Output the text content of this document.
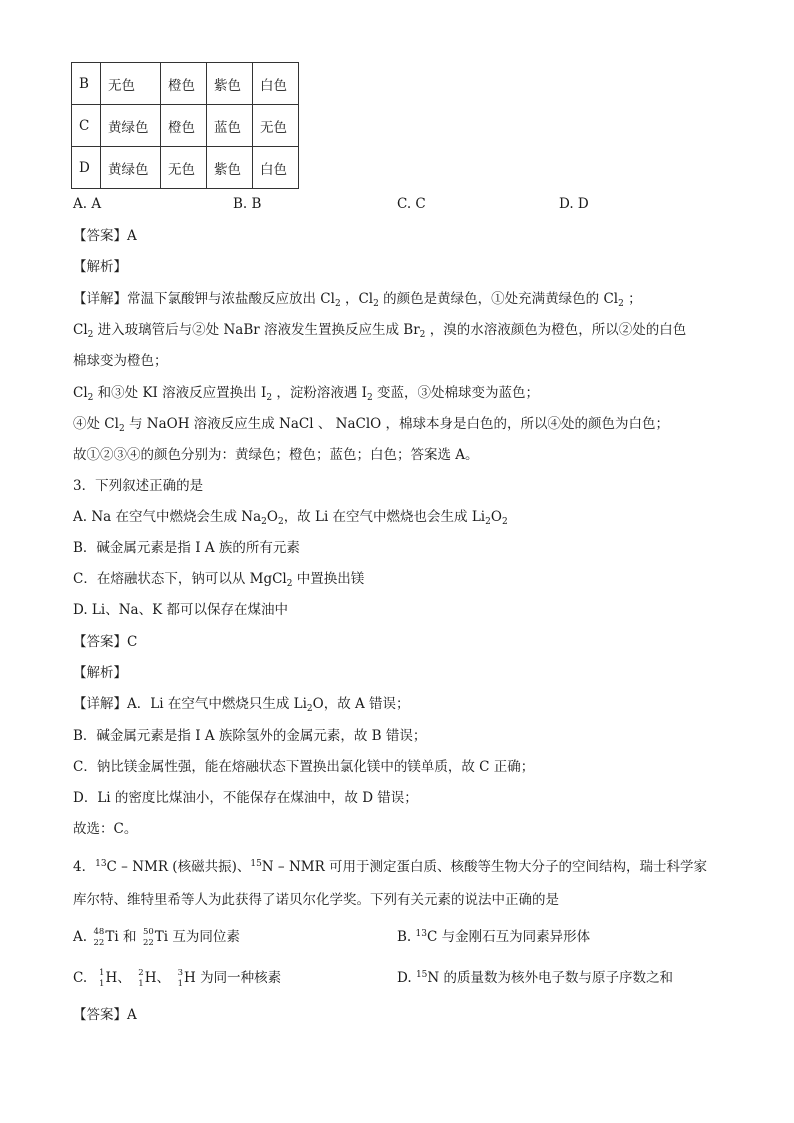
B	无色	橙色	紫色	白色
C	黄绿色	橙色	蓝色	无色
D	黄绿色	无色	紫色	白色
A. A	B. B	C. C	D. D
【答案】A
【解析】
【详解】常温下氯酸钾与浓盐酸反应放出 $Cl_2$ ，$Cl_2$ 的颜色是黄绿色，①处充满黄绿色的 $Cl_2$ ；
$Cl_2$ 进入玻璃管后与②处 NaBr 溶液发生置换反应生成 $Br_2$ ，溴的水溶液颜色为橙色，所以②处的白色
棉球变为橙色；
$Cl_2$ 和③处 KI 溶液反应置换出 $I_2$ ，淀粉溶液遇 $I_2$ 变蓝，③处棉球变为蓝色；
④处 $Cl_2$ 与 NaOH 溶液反应生成 NaCl 、 NaClO ，棉球本身是白色的，所以④处的颜色为白色；
故①②③④的颜色分别为：黄绿色；橙色；蓝色；白色；答案选 A。
3．下列叙述正确的是
A. Na 在空气中燃烧会生成 $Na_2O_2$，故 Li 在空气中燃烧也会生成 $Li_2O_2$
B．碱金属元素是指 I A 族的所有元素
C．在熔融状态下，钠可以从 MgCl$_2$ 中置换出镁
D. Li、Na、K 都可以保存在煤油中
【答案】C
【解析】
【详解】A．Li 在空气中燃烧只生成 $Li_2O$，故 A 错误；
B．碱金属元素是指 I A 族除氢外的金属元素，故 B 错误；
C．钠比镁金属性强，能在熔融状态下置换出氯化镁中的镁单质，故 C 正确；
D．Li 的密度比煤油小，不能保存在煤油中，故 D 错误；
故选：C。
4．$^{13}$C – NMR (核磁共振)、$^{15}$N – NMR 可用于测定蛋白质、核酸等生物大分子的空间结构，瑞士科学家
库尔特、维特里希等人为此获得了诺贝尔化学奖。下列有关元素的说法中正确的是
A. 48
22 Ti 和 50
22 Ti 互为同位素	B. $^{13}$C 与金刚石互为同素异形体
C. 1
1 H、 2
1 H、 3
1 H 为同一种核素	D. $^{15}$N 的质量数为核外电子数与原子序数之和
【答案】A
